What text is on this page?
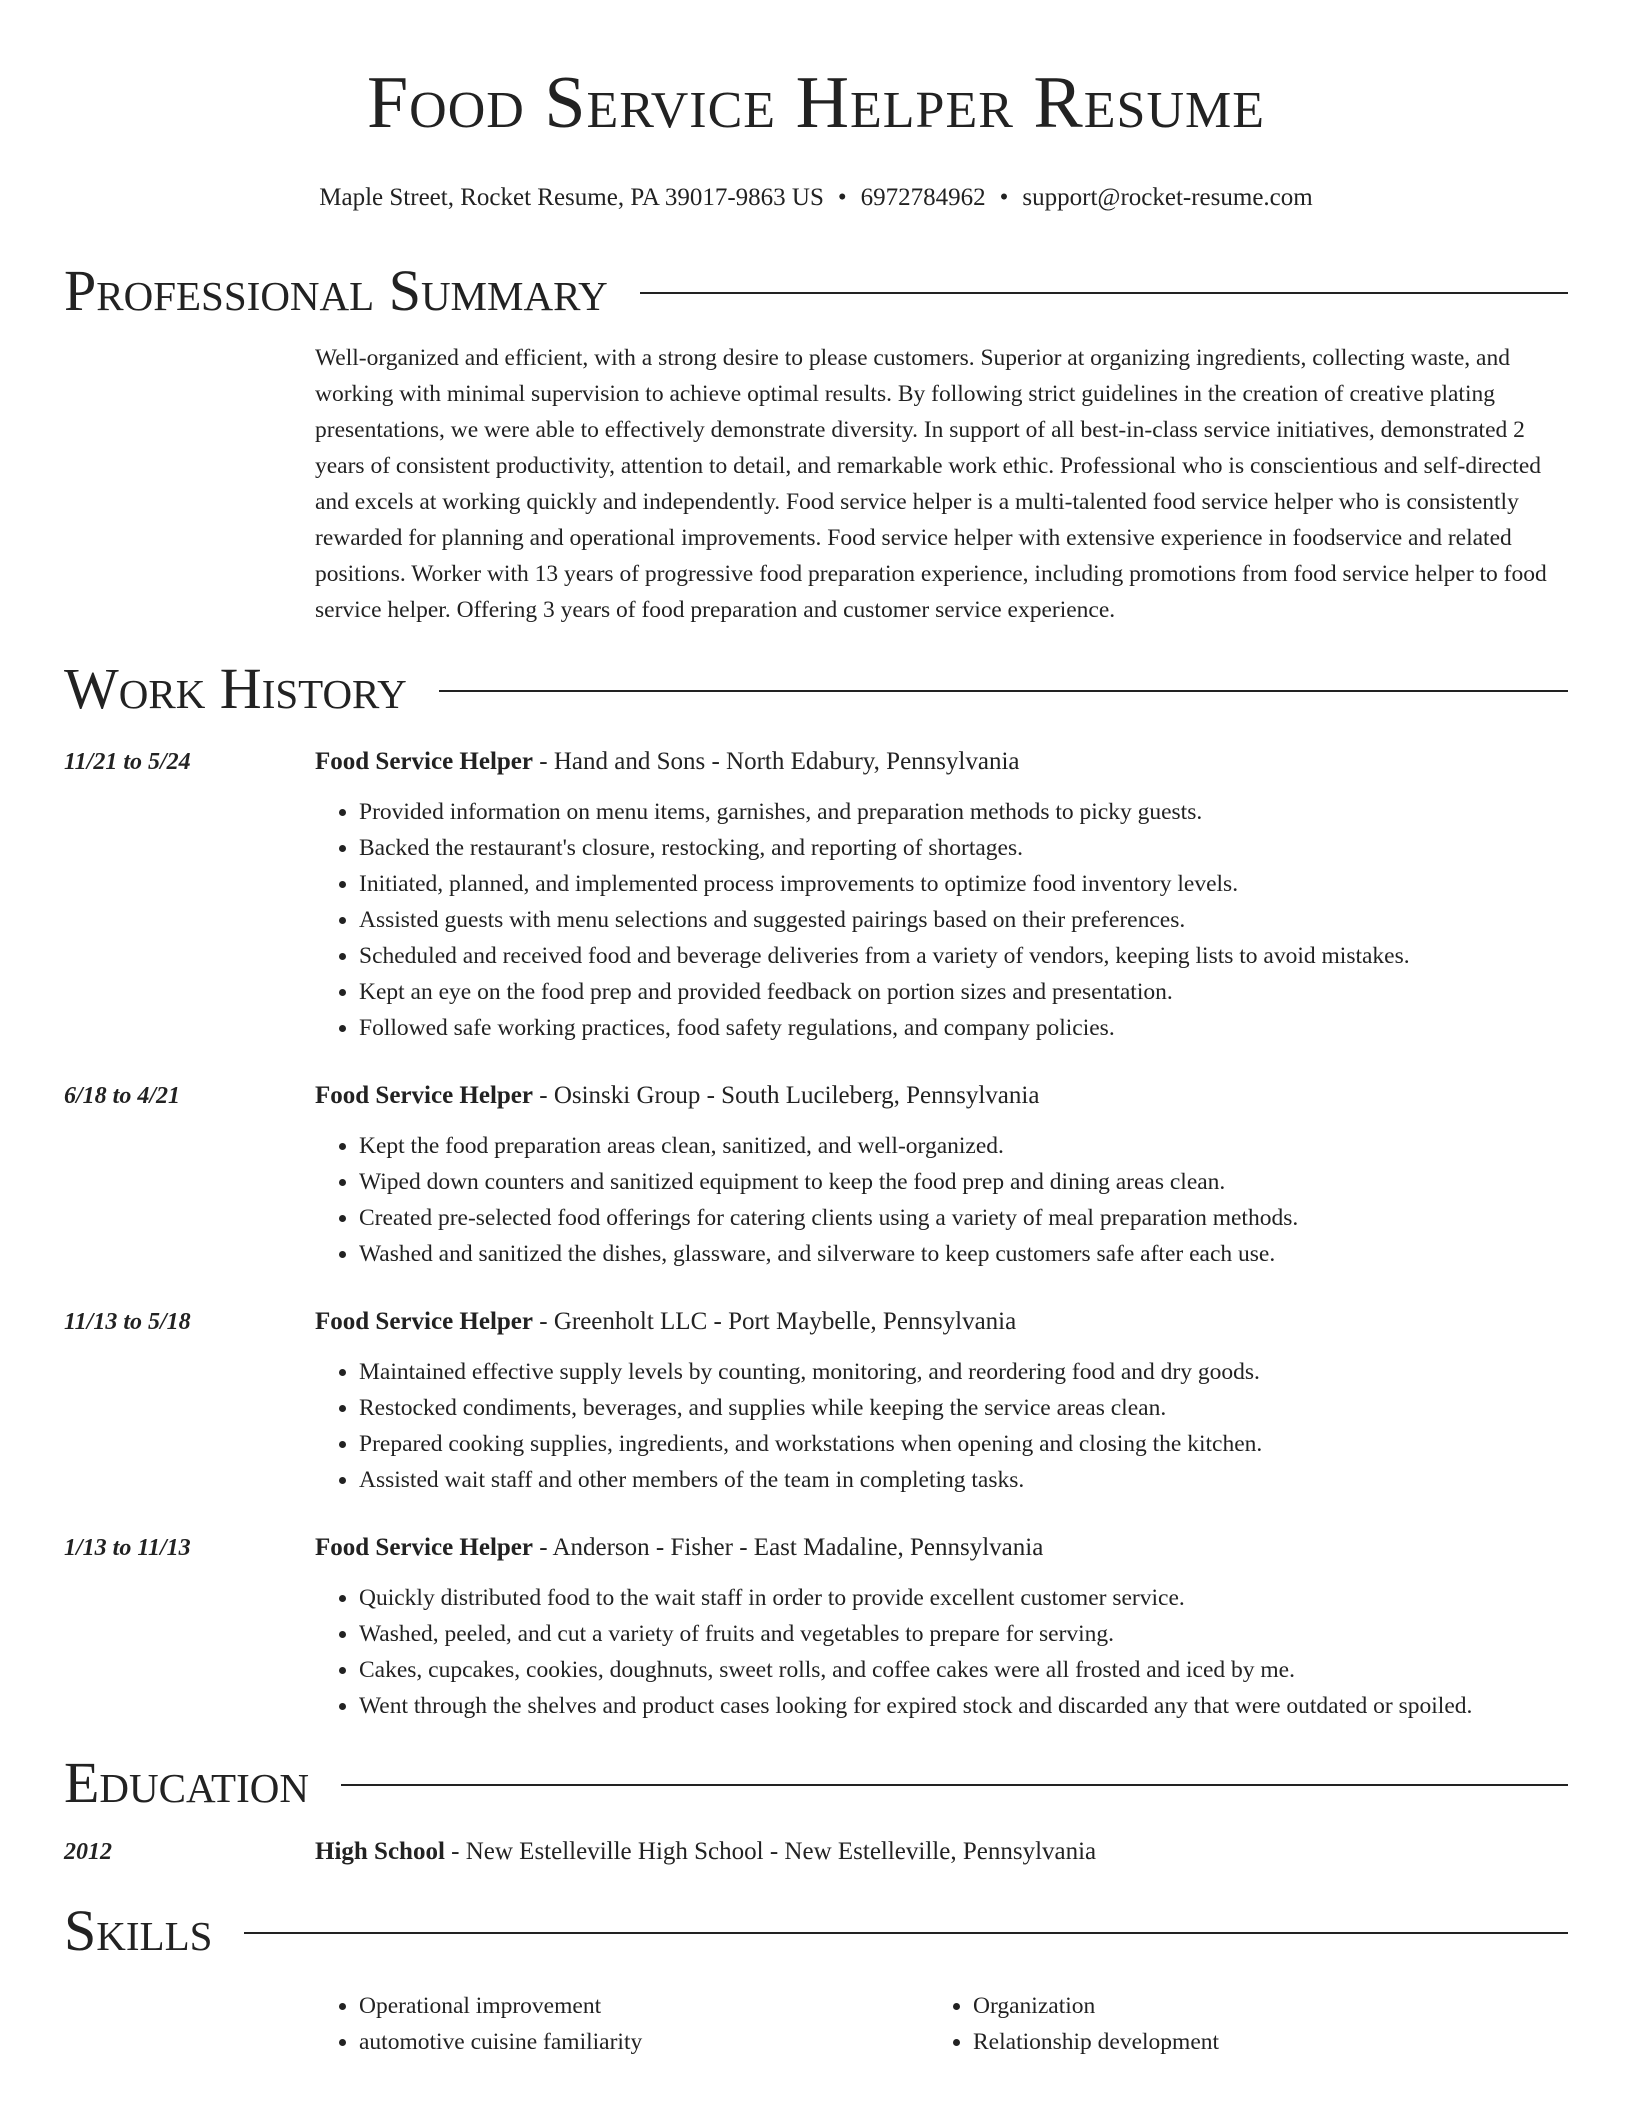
Food Service Helper Resume
Maple Street, Rocket Resume, PA 39017-9863 US • 6972784962 • support@rocket-resume.com
Professional Summary
Well-organized and efficient, with a strong desire to please customers. Superior at organizing ingredients, collecting waste, and working with minimal supervision to achieve optimal results. By following strict guidelines in the creation of creative plating presentations, we were able to effectively demonstrate diversity. In support of all best-in-class service initiatives, demonstrated 2 years of consistent productivity, attention to detail, and remarkable work ethic. Professional who is conscientious and self-directed and excels at working quickly and independently. Food service helper is a multi-talented food service helper who is consistently rewarded for planning and operational improvements. Food service helper with extensive experience in foodservice and related positions. Worker with 13 years of progressive food preparation experience, including promotions from food service helper to food service helper. Offering 3 years of food preparation and customer service experience.
Work History
11/21 to 5/24	Food Service Helper - Hand and Sons - North Edabury, Pennsylvania
• Provided information on menu items, garnishes, and preparation methods to picky guests.
• Backed the restaurant's closure, restocking, and reporting of shortages.
• Initiated, planned, and implemented process improvements to optimize food inventory levels.
• Assisted guests with menu selections and suggested pairings based on their preferences.
• Scheduled and received food and beverage deliveries from a variety of vendors, keeping lists to avoid mistakes.
• Kept an eye on the food prep and provided feedback on portion sizes and presentation.
• Followed safe working practices, food safety regulations, and company policies.
6/18 to 4/21	Food Service Helper - Osinski Group - South Lucileberg, Pennsylvania
• Kept the food preparation areas clean, sanitized, and well-organized.
• Wiped down counters and sanitized equipment to keep the food prep and dining areas clean.
• Created pre-selected food offerings for catering clients using a variety of meal preparation methods.
• Washed and sanitized the dishes, glassware, and silverware to keep customers safe after each use.
11/13 to 5/18	Food Service Helper - Greenholt LLC - Port Maybelle, Pennsylvania
• Maintained effective supply levels by counting, monitoring, and reordering food and dry goods.
• Restocked condiments, beverages, and supplies while keeping the service areas clean.
• Prepared cooking supplies, ingredients, and workstations when opening and closing the kitchen.
• Assisted wait staff and other members of the team in completing tasks.
1/13 to 11/13	Food Service Helper - Anderson - Fisher - East Madaline, Pennsylvania
• Quickly distributed food to the wait staff in order to provide excellent customer service.
• Washed, peeled, and cut a variety of fruits and vegetables to prepare for serving.
• Cakes, cupcakes, cookies, doughnuts, sweet rolls, and coffee cakes were all frosted and iced by me.
• Went through the shelves and product cases looking for expired stock and discarded any that were outdated or spoiled.
Education
2012	High School - New Estelleville High School - New Estelleville, Pennsylvania
Skills
• Operational improvement
• automotive cuisine familiarity
• Organization
• Relationship development
